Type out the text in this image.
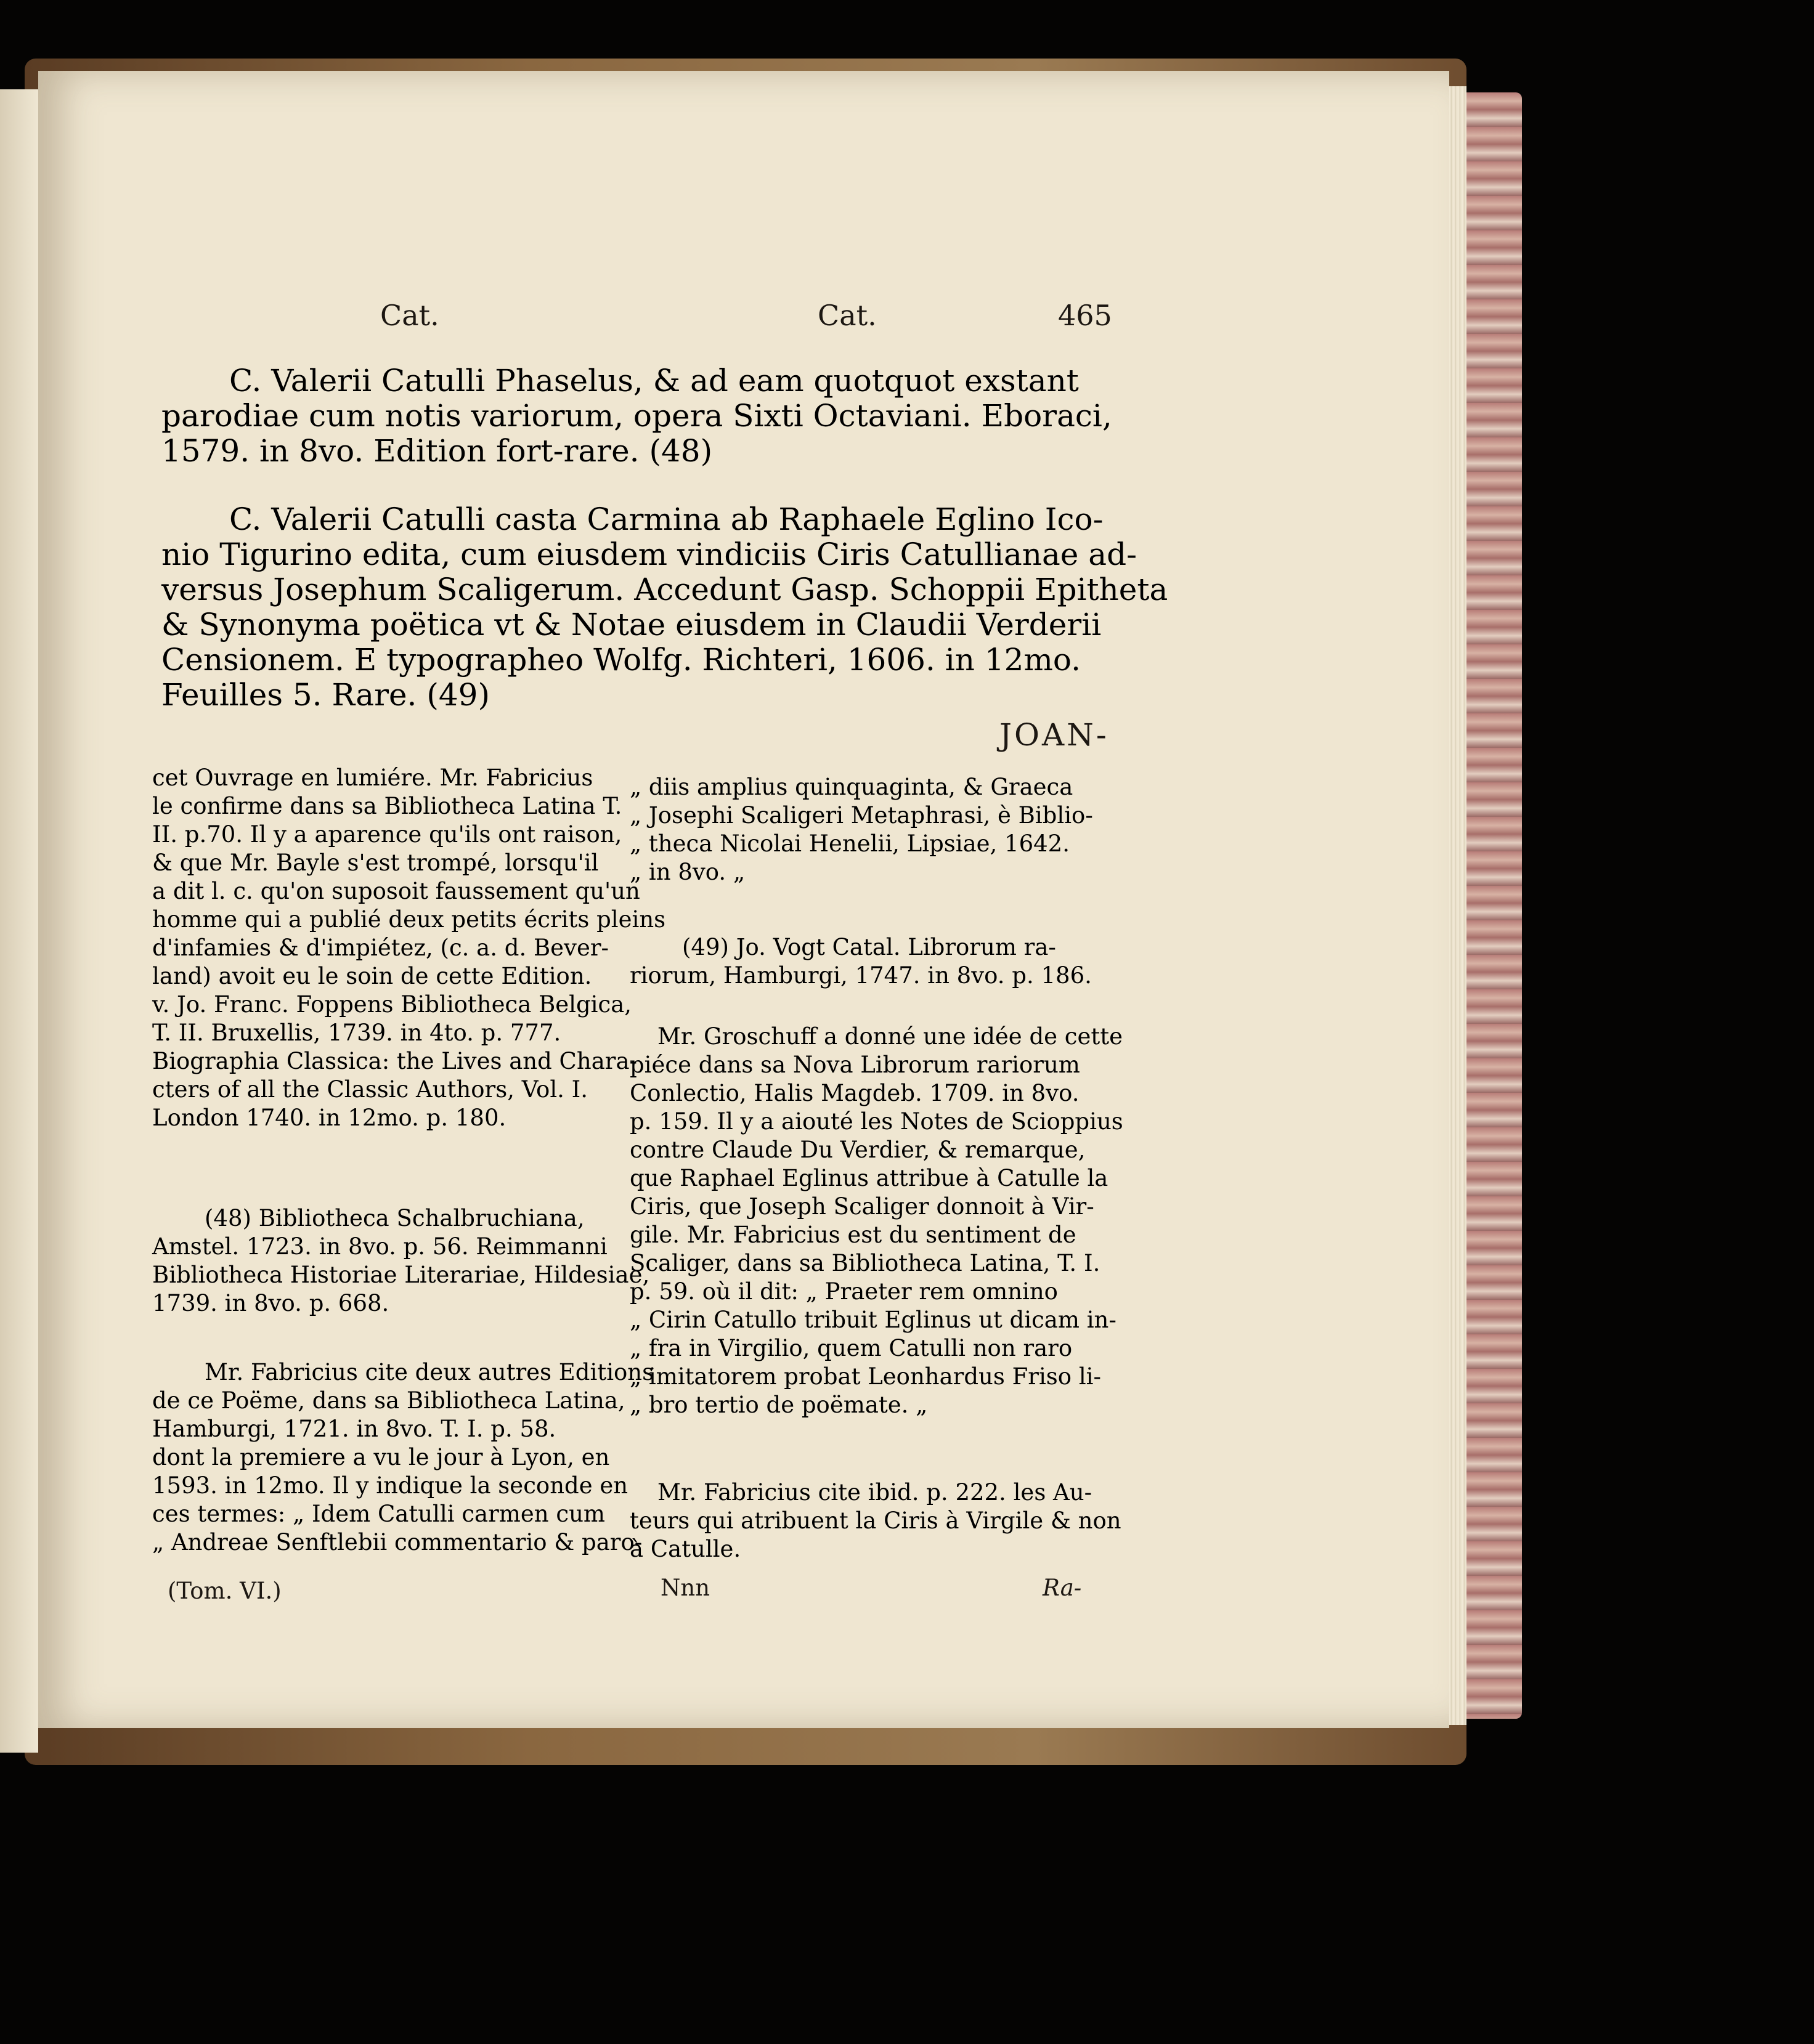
Cat.	Cat.	465
C. Valerii Catulli Phaselus, & ad eam quotquot exstant
parodiae cum notis variorum, opera Sixti Octaviani. Eboraci,
1579. in 8vo. Edition fort-rare. (48)
C. Valerii Catulli casta Carmina ab Raphaele Eglino Ico-
nio Tigurino edita, cum eiusdem vindiciis Ciris Catullianae ad-
versus Josephum Scaligerum. Accedunt Gasp. Schoppii Epitheta
& Synonyma poëtica vt & Notae eiusdem in Claudii Verderii
Censionem. E typographeo Wolfg. Richteri, 1606. in 12mo.
Feuilles 5. Rare. (49)
JOAN-
cet Ouvrage en lumiére. Mr. Fabricius
le confirme dans sa Bibliotheca Latina T.
II. p.70. Il y a aparence qu'ils ont raison,
& que Mr. Bayle s'est trompé, lorsqu'il
a dit l. c. qu'on suposoit faussement qu'un
homme qui a publié deux petits écrits pleins
d'infamies & d'impiétez, (c. a. d. Bever-
land) avoit eu le soin de cette Edition.
v. Jo. Franc. Foppens Bibliotheca Belgica,
T. II. Bruxellis, 1739. in 4to. p. 777.
Biographia Classica: the Lives and Chara-
cters of all the Classic Authors, Vol. I.
London 1740. in 12mo. p. 180.
(48) Bibliotheca Schalbruchiana,
Amstel. 1723. in 8vo. p. 56. Reimmanni
Bibliotheca Historiae Literariae, Hildesiae,
1739. in 8vo. p. 668.
Mr. Fabricius cite deux autres Editions
de ce Poëme, dans sa Bibliotheca Latina,
Hamburgi, 1721. in 8vo. T. I. p. 58.
dont la premiere a vu le jour à Lyon, en
1593. in 12mo. Il y indique la seconde en
ces termes: „ Idem Catulli carmen cum
„ Andreae Senftlebii commentario & paro-
(Tom. VI.)
„ diis amplius quinquaginta, & Graeca
„ Josephi Scaligeri Metaphrasi, è Biblio-
„ theca Nicolai Henelii, Lipsiae, 1642.
„ in 8vo. „
(49) Jo. Vogt Catal. Librorum ra-
riorum, Hamburgi, 1747. in 8vo. p. 186.
Mr. Groschuff a donné une idée de cette
piéce dans sa Nova Librorum rariorum
Conlectio, Halis Magdeb. 1709. in 8vo.
p. 159. Il y a aiouté les Notes de Scioppius
contre Claude Du Verdier, & remarque,
que Raphael Eglinus attribue à Catulle la
Ciris, que Joseph Scaliger donnoit à Vir-
gile. Mr. Fabricius est du sentiment de
Scaliger, dans sa Bibliotheca Latina, T. I.
p. 59. où il dit: „ Praeter rem omnino
„ Cirin Catullo tribuit Eglinus ut dicam in-
„ fra in Virgilio, quem Catulli non raro
„ imitatorem probat Leonhardus Friso li-
„ bro tertio de poëmate. „
Mr. Fabricius cite ibid. p. 222. les Au-
teurs qui atribuent la Ciris à Virgile & non
à Catulle.
Nnn	Ra-
